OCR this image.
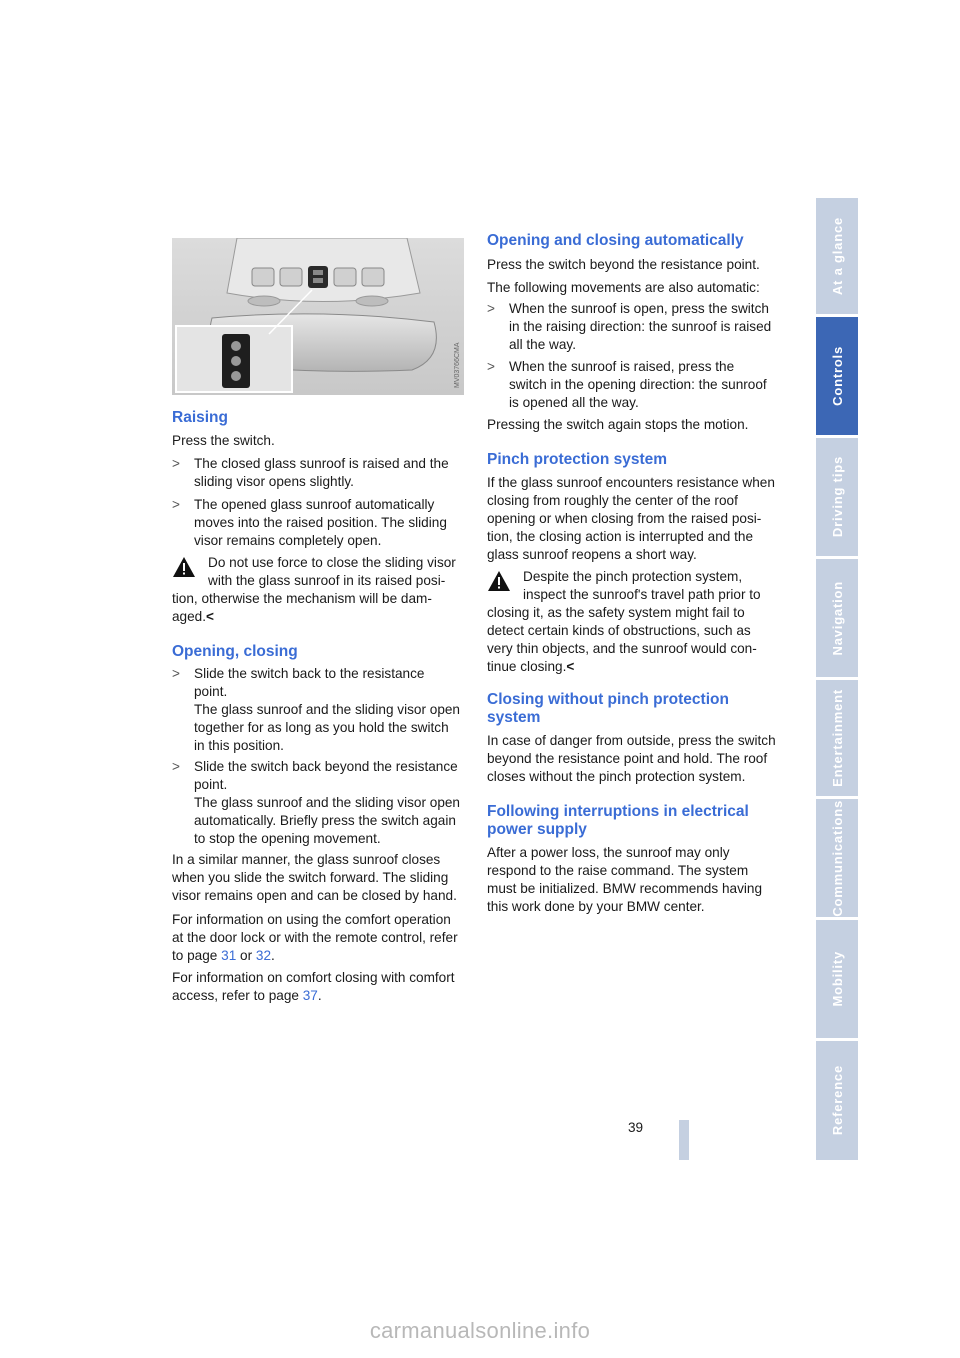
MV03766CMA
Raising

Press the switch.

> The closed glass sunroof is raised and the
sliding visor opens slightly.
> The opened glass sunroof automatically
moves into the raised position. The sliding
visor remains completely open.
Do not use force to close the sliding visor
with the glass sunroof in its raised posi-
tion, otherwise the mechanism will be dam-
aged.<
Opening, closing
> Slide the switch back to the resistance
point.
The glass sunroof and the sliding visor open
together for as long as you hold the switch
in this position.
> Slide the switch back beyond the resistance
point.
The glass sunroof and the sliding visor open
automatically. Briefly press the switch again
to stop the opening movement.
In a similar manner, the glass sunroof closes
when you slide the switch forward. The sliding
visor remains open and can be closed by hand.
For information on using the comfort operation
at the door lock or with the remote control, refer
to page 31 or 32.
For information on comfort closing with comfort
access, refer to page 37.
Opening and closing automatically

Press the switch beyond the resistance point.

The following movements are also automatic:

> When the sunroof is open, press the switch
in the raising direction: the sunroof is raised
all the way.
> When the sunroof is raised, press the
switch in the opening direction: the sunroof
is opened all the way.

Pressing the switch again stops the motion.

Pinch protection system
If the glass sunroof encounters resistance when
closing from roughly the center of the roof
opening or when closing from the raised posi-
tion, the closing action is interrupted and the
glass sunroof reopens a short way.
Despite the pinch protection system,
inspect the sunroof's travel path prior to
closing it, as the safety system might fail to
detect certain kinds of obstructions, such as
very thin objects, and the sunroof would con-
tinue closing.<
Closing without pinch protection
system
In case of danger from outside, press the switch
beyond the resistance point and hold. The roof
closes without the pinch protection system.
Following interruptions in electrical
power supply
After a power loss, the sunroof may only
respond to the raise command. The system
must be initialized. BMW recommends having
this work done by your BMW center.
At a glance
Controls
Driving tips
Navigation
Entertainment
Communications
Mobility
Reference
39
carmanualsonline.info
